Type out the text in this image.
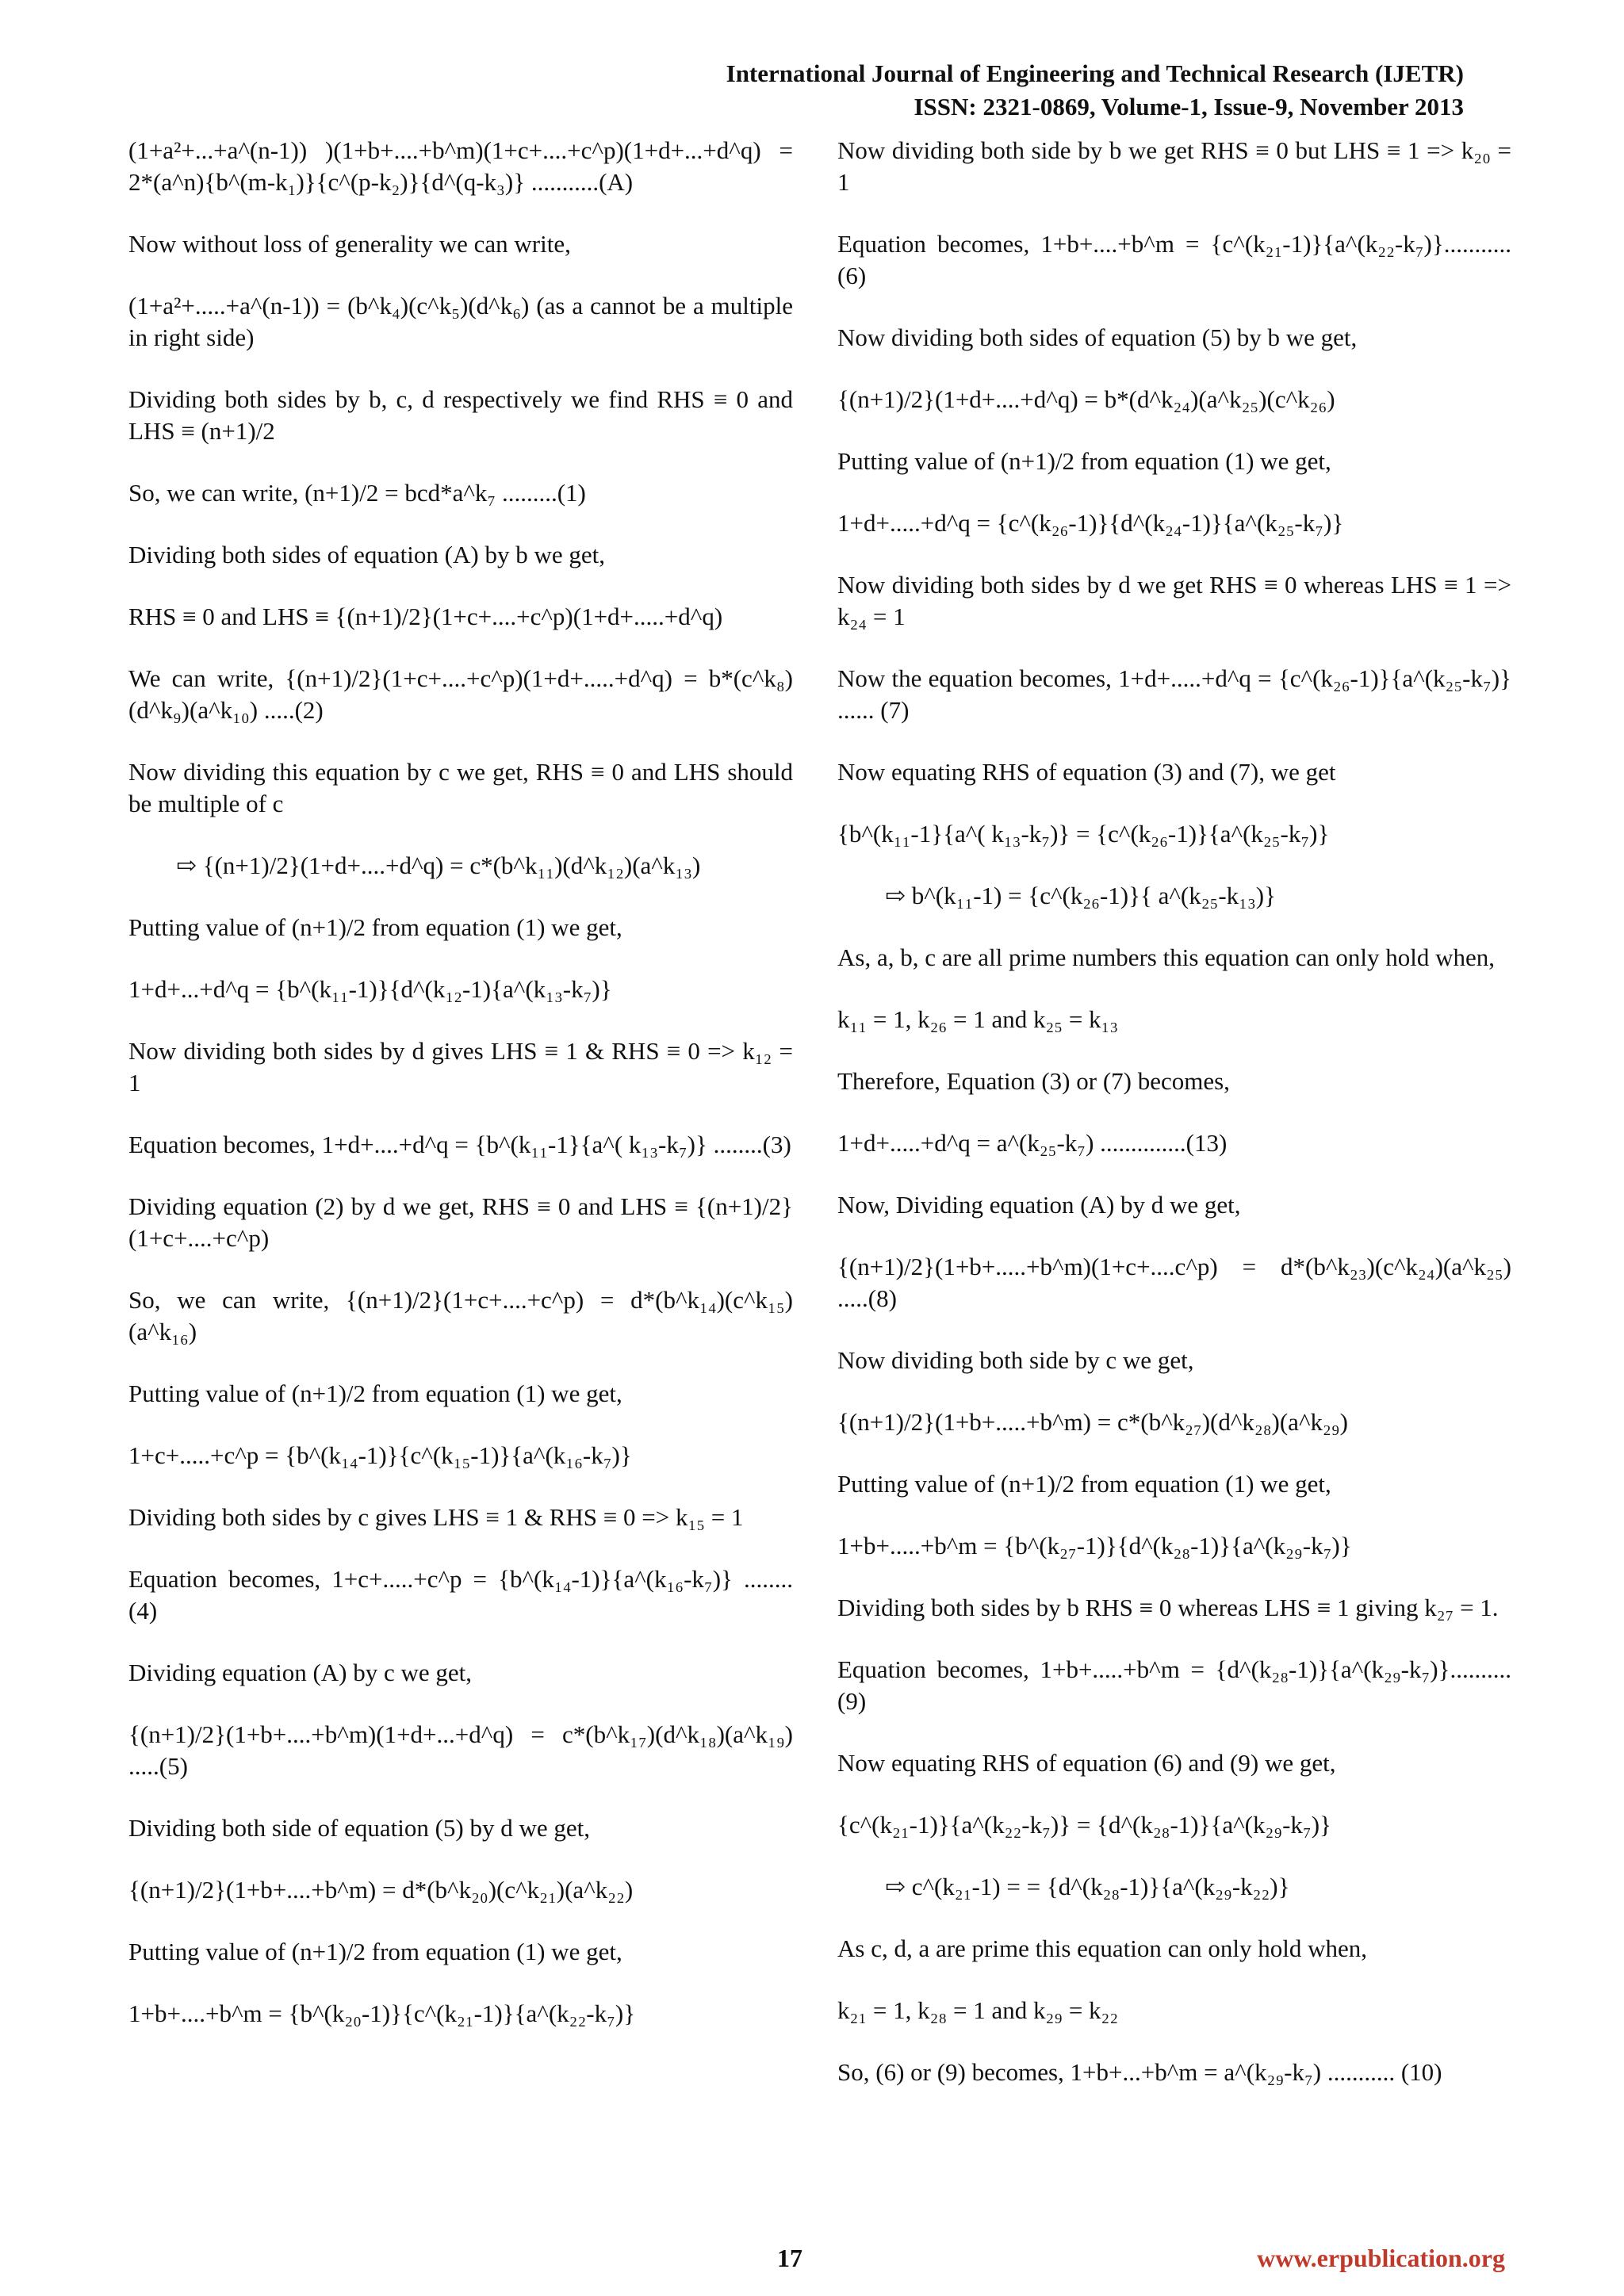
International Journal of Engineering and Technical Research (IJETR)
ISSN: 2321-0869, Volume-1, Issue-9, November 2013

(1+a²+...+a^(n-1)) )(1+b+....+b^m)(1+c+....+c^p)(1+d+...+d^q) = 2*(a^n){b^(m-k₁)}{c^(p-k₂)}{d^(q-k₃)} ...........(A)

Now without loss of generality we can write,

(1+a²+.....+a^(n-1)) = (b^k₄)(c^k₅)(d^k₆) (as a cannot be a multiple in right side)

Dividing both sides by b, c, d respectively we find RHS ≡ 0 and LHS ≡ (n+1)/2

So, we can write, (n+1)/2 = bcd*a^k₇ .........(1)

Dividing both sides of equation (A) by b we get,

RHS ≡ 0 and LHS ≡ {(n+1)/2}(1+c+....+c^p)(1+d+.....+d^q)

We can write, {(n+1)/2}(1+c+....+c^p)(1+d+.....+d^q) = b*(c^k₈)(d^k₉)(a^k₁₀) .....(2)

Now dividing this equation by c we get, RHS ≡ 0 and LHS should be multiple of c

⇨ {(n+1)/2}(1+d+....+d^q) = c*(b^k₁₁)(d^k₁₂)(a^k₁₃)

Putting value of (n+1)/2 from equation (1) we get,

1+d+...+d^q = {b^(k₁₁-1)}{d^(k₁₂-1){a^(k₁₃-k₇)}

Now dividing both sides by d gives LHS ≡ 1 & RHS ≡ 0 => k₁₂ = 1

Equation becomes, 1+d+....+d^q = {b^(k₁₁-1}{a^( k₁₃-k₇)} ........(3)

Dividing equation (2) by d we get, RHS ≡ 0 and LHS ≡ {(n+1)/2}(1+c+....+c^p)

So, we can write, {(n+1)/2}(1+c+....+c^p) = d*(b^k₁₄)(c^k₁₅)(a^k₁₆)

Putting value of (n+1)/2 from equation (1) we get,

1+c+.....+c^p = {b^(k₁₄-1)}{c^(k₁₅-1)}{a^(k₁₆-k₇)}

Dividing both sides by c gives LHS ≡ 1 & RHS ≡ 0 => k₁₅ = 1

Equation becomes, 1+c+.....+c^p = {b^(k₁₄-1)}{a^(k₁₆-k₇)} ........(4)

Dividing equation (A) by c we get,

{(n+1)/2}(1+b+....+b^m)(1+d+...+d^q) = c*(b^k₁₇)(d^k₁₈)(a^k₁₉) .....(5)

Dividing both side of equation (5) by d we get,

{(n+1)/2}(1+b+....+b^m) = d*(b^k₂₀)(c^k₂₁)(a^k₂₂)

Putting value of (n+1)/2 from equation (1) we get,

1+b+....+b^m = {b^(k₂₀-1)}{c^(k₂₁-1)}{a^(k₂₂-k₇)}

Now dividing both side by b we get RHS ≡ 0 but LHS ≡ 1 => k₂₀ = 1

Equation becomes, 1+b+....+b^m = {c^(k₂₁-1)}{a^(k₂₂-k₇)}........... (6)

Now dividing both sides of equation (5) by b we get,

{(n+1)/2}(1+d+....+d^q) = b*(d^k₂₄)(a^k₂₅)(c^k₂₆)

Putting value of (n+1)/2 from equation (1) we get,

1+d+.....+d^q = {c^(k₂₆-1)}{d^(k₂₄-1)}{a^(k₂₅-k₇)}

Now dividing both sides by d we get RHS ≡ 0 whereas LHS ≡ 1 => k₂₄ = 1

Now the equation becomes, 1+d+.....+d^q = {c^(k₂₆-1)}{a^(k₂₅-k₇)} ...... (7)

Now equating RHS of equation (3) and (7), we get

{b^(k₁₁-1}{a^( k₁₃-k₇)} = {c^(k₂₆-1)}{a^(k₂₅-k₇)}

⇨ b^(k₁₁-1) = {c^(k₂₆-1)}{ a^(k₂₅-k₁₃)}

As, a, b, c are all prime numbers this equation can only hold when,

k₁₁ = 1, k₂₆ = 1 and k₂₅ = k₁₃

Therefore, Equation (3) or (7) becomes,

1+d+.....+d^q = a^(k₂₅-k₇) ..............(13)

Now, Dividing equation (A) by d we get,

{(n+1)/2}(1+b+.....+b^m)(1+c+....c^p) = d*(b^k₂₃)(c^k₂₄)(a^k₂₅) .....(8)

Now dividing both side by c we get,

{(n+1)/2}(1+b+.....+b^m) = c*(b^k₂₇)(d^k₂₈)(a^k₂₉)

Putting value of (n+1)/2 from equation (1) we get,

1+b+.....+b^m = {b^(k₂₇-1)}{d^(k₂₈-1)}{a^(k₂₉-k₇)}

Dividing both sides by b RHS ≡ 0 whereas LHS ≡ 1 giving k₂₇ = 1.

Equation becomes, 1+b+.....+b^m = {d^(k₂₈-1)}{a^(k₂₉-k₇)}..........(9)

Now equating RHS of equation (6) and (9) we get,

{c^(k₂₁-1)}{a^(k₂₂-k₇)} = {d^(k₂₈-1)}{a^(k₂₉-k₇)}

⇨ c^(k₂₁-1) = = {d^(k₂₈-1)}{a^(k₂₉-k₂₂)}

As c, d, a are prime this equation can only hold when,

k₂₁ = 1, k₂₈ = 1 and k₂₉ = k₂₂

So, (6) or (9) becomes, 1+b+...+b^m = a^(k₂₉-k₇) ........... (10)

17	www.erpublication.org
